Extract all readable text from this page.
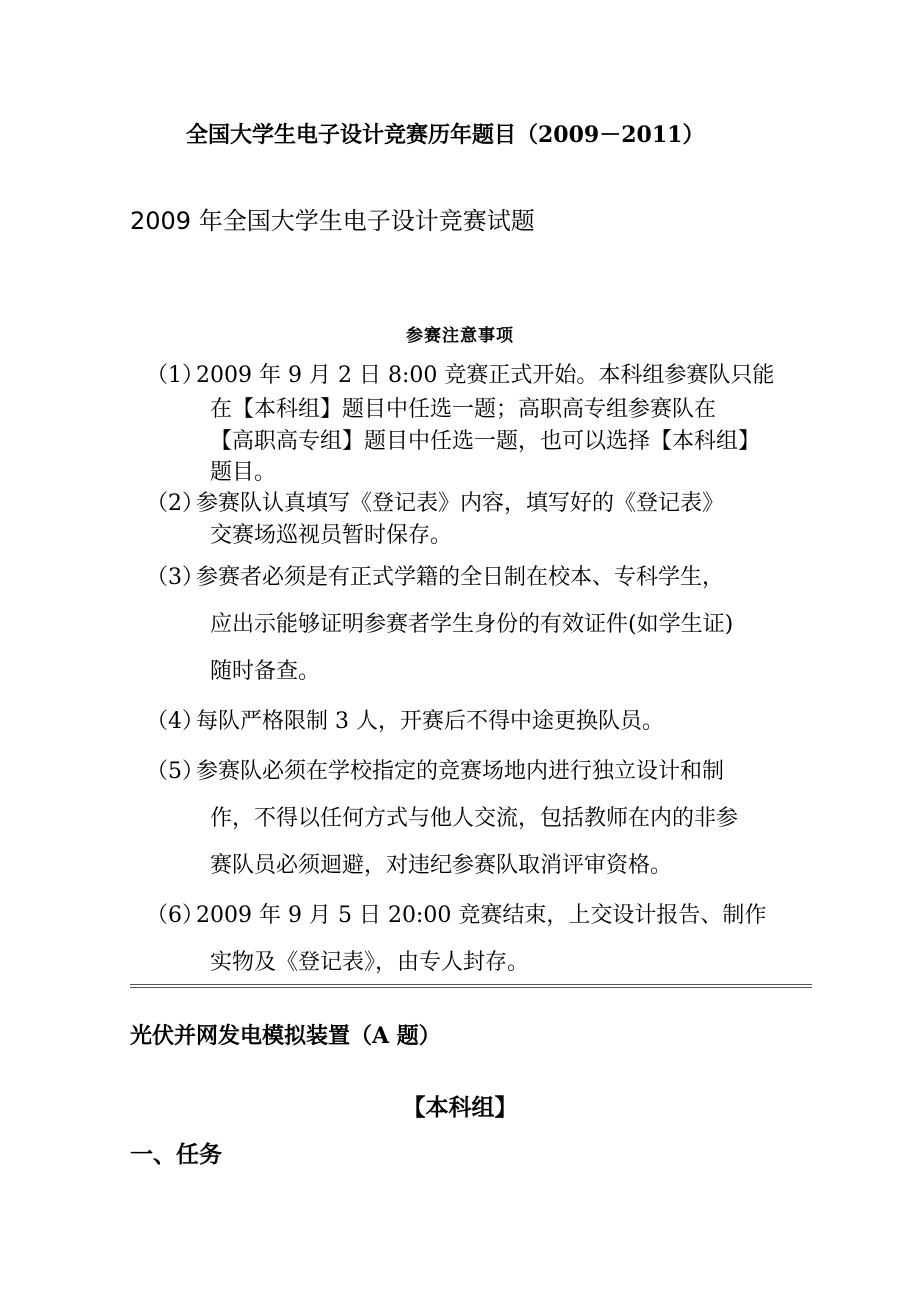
全国大学生电子设计竞赛历年题目（2009－2011）
2009 年全国大学生电子设计竞赛试题
参赛注意事项
（1）
2009 年 9 月 2 日 8:00 竞赛正式开始。本科组参赛队只能
在【本科组】题目中任选一题；高职高专组参赛队在
【高职高专组】题目中任选一题，也可以选择【本科组】
题目。
（2）
参赛队认真填写《登记表》内容，填写好的《登记表》
交赛场巡视员暂时保存。
（3）
参赛者必须是有正式学籍的全日制在校本、专科学生，
应出示能够证明参赛者学生身份的有效证件(如学生证)
随时备查。
（4）
每队严格限制 3 人，开赛后不得中途更换队员。
（5）
参赛队必须在学校指定的竞赛场地内进行独立设计和制
作，不得以任何方式与他人交流，包括教师在内的非参
赛队员必须迴避，对违纪参赛队取消评审资格。
（6）
2009 年 9 月 5 日 20:00 竞赛结束，上交设计报告、制作
实物及《登记表》，由专人封存。
光伏并网发电模拟装置（A 题）
【本科组】
一、任务
